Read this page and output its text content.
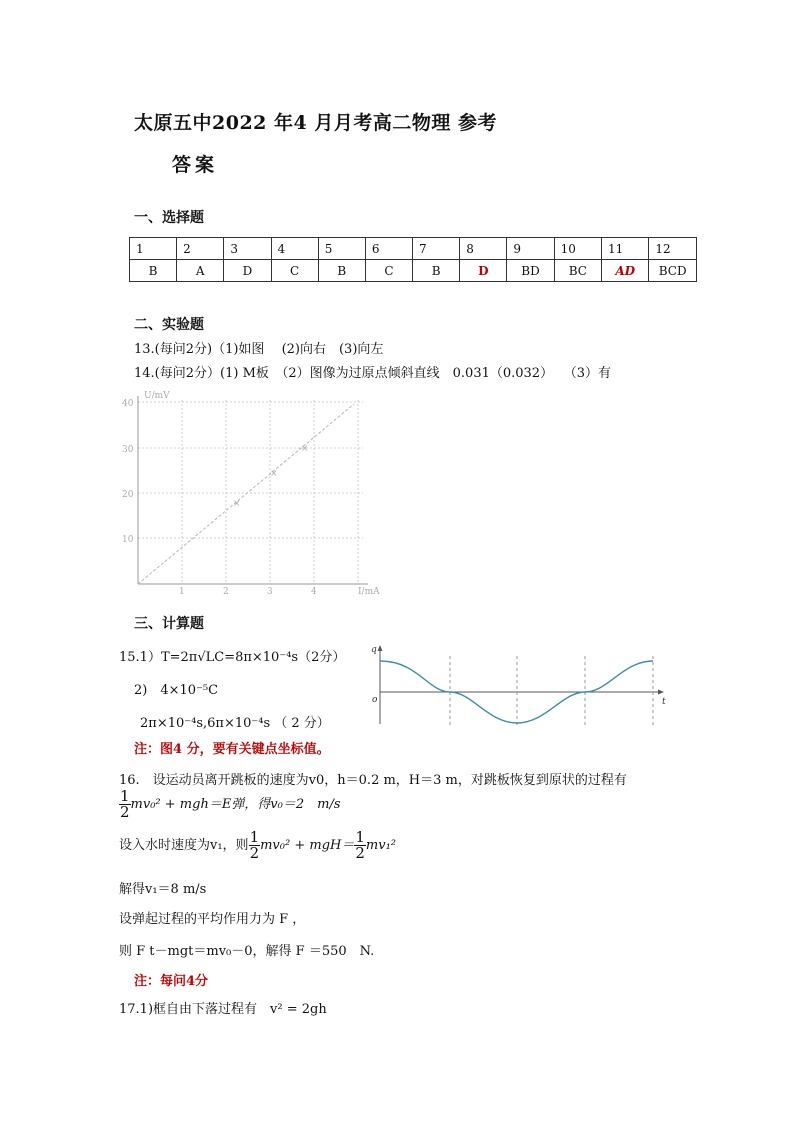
太原五中2022 年4 月月考高二物理 参考
答案
一、选择题
1	2	3	4	5	6	7	8	9	10	11	12
B	A	D	C	B	C	B	D	BD	BC	AD	BCD
二、实验题
13.(每问2分)（1)如图　 (2)向右　(3)向左
14.(每问2分）(1) M板　（2）图像为过原点倾斜直线　0.031（0.032）　 （3）有
×
×
×
10
20
30
40
U/mV
1	2	3	4	I/mA
三、计算题
15.1）T=2π√LC=8π×10⁻⁴s（2分）
2)　4×10⁻⁵C
2π×10⁻⁴s,6π×10⁻⁴s （ 2 分）
注：图4 分，要有关键点坐标值。
q
t
o
16.　设运动员离开跳板的速度为v0，h＝0.2 m，H＝3 m，对跳板恢复到原状的过程有
$\frac{1}{2} mv_0^2 + mgh=E$弹，得v₀＝2　m/s
设入水时速度为v₁，则 $\frac{1}{2} mv_0^2 + mgH= \frac{1}{2} mv_1^2$
解得v₁＝8 m/s
设弹起过程的平均作用力为 F ，
则 F t－mgt＝mv₀－0，解得 F ＝550　N.
注：每问4分
17.1)框自由下落过程有　v² = 2gh
